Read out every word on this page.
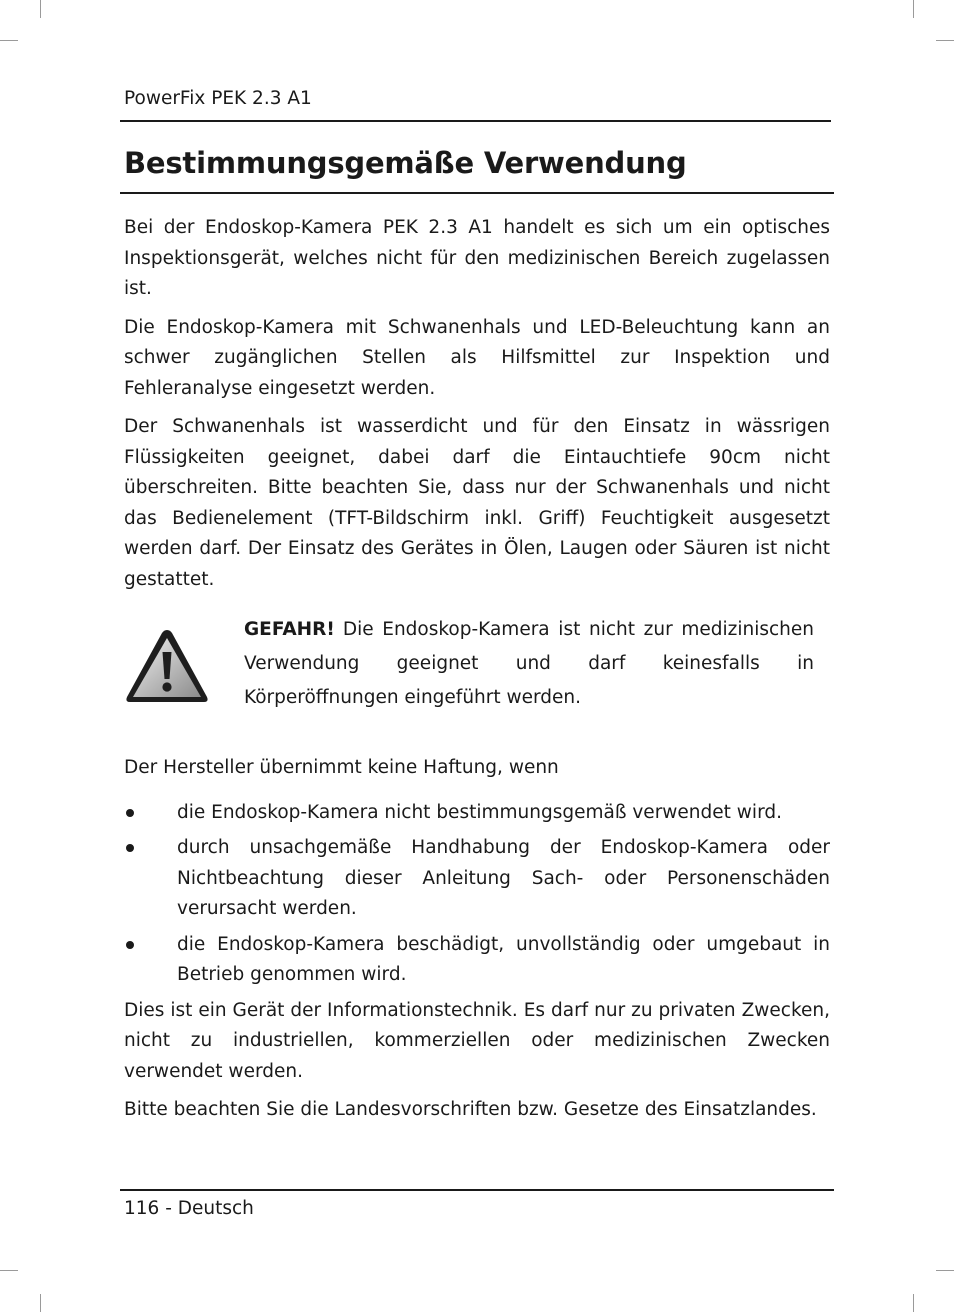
PowerFix PEK 2.3 A1
Bestimmungsgemäße Verwendung

Bei der Endoskop-Kamera PEK 2.3 A1 handelt es sich um ein optisches Inspektionsgerät, welches nicht für den medizinischen Bereich zugelassen ist.

Die Endoskop-Kamera mit Schwanenhals und LED-Beleuchtung kann an schwer zugänglichen Stellen als Hilfsmittel zur Inspektion und Fehleranalyse eingesetzt werden.

Der Schwanenhals ist wasserdicht und für den Einsatz in wässrigen Flüssigkeiten geeignet, dabei darf die Eintauchtiefe 90cm nicht überschreiten. Bitte beachten Sie, dass nur der Schwanenhals und nicht das Bedienelement (TFT-Bildschirm inkl. Griff) Feuchtigkeit ausgesetzt werden darf. Der Einsatz des Gerätes in Ölen, Laugen oder Säuren ist nicht gestattet.

GEFAHR! Die Endoskop-Kamera ist nicht zur medizinischen Verwendung geeignet und darf keinesfalls in Körperöffnungen eingeführt werden.

Der Hersteller übernimmt keine Haftung, wenn

die Endoskop-Kamera nicht bestimmungsgemäß verwendet wird.
durch unsachgemäße Handhabung der Endoskop-Kamera oder Nichtbeachtung dieser Anleitung Sach- oder Personenschäden verursacht werden.
die Endoskop-Kamera beschädigt, unvollständig oder umgebaut in Betrieb genommen wird.

Dies ist ein Gerät der Informationstechnik. Es darf nur zu privaten Zwecken, nicht zu industriellen, kommerziellen oder medizinischen Zwecken verwendet werden.

Bitte beachten Sie die Landesvorschriften bzw. Gesetze des Einsatzlandes.

116 - Deutsch
